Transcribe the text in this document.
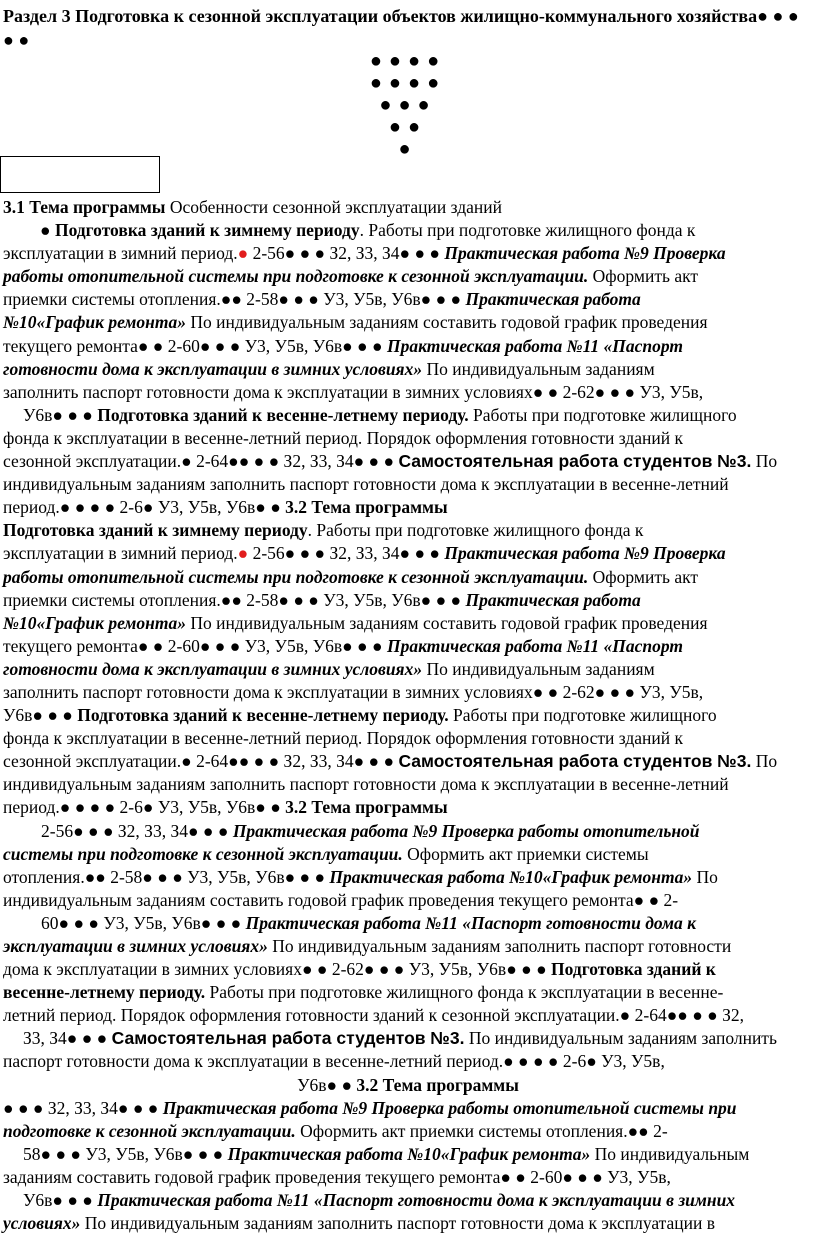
Раздел 3 Подготовка к сезонной эксплуатации объектов жилищно-коммунального хозяйства● ● ● ● ●
● ● ● ●
● ● ● ●
● ● ●
● ●
●

3.1 Тема программы Особенности сезонной эксплуатации зданий

● Подготовка зданий к зимнему периоду. Работы при подготовке жилищного фонда к

эксплуатации в зимний период.● 2-56● ● ● З2, З3, З4● ● ● Практическая работа №9 Проверка

работы отопительной системы при подготовке к сезонной эксплуатации. Оформить акт

приемки системы отопления.●● 2-58● ● ● У3, У5в, У6в● ● ● Практическая работа

№10«График ремонта» По индивидуальным заданиям составить годовой график проведения

текущего ремонта● ● 2-60● ● ● У3, У5в, У6в● ● ● Практическая работа №11 «Паспорт

готовности дома к эксплуатации в зимних условиях» По индивидуальным заданиям

заполнить паспорт готовности дома к эксплуатации в зимних условиях● ● 2-62● ● ● У3, У5в,

У6в● ● ● Подготовка зданий к весенне-летнему периоду. Работы при подготовке жилищного

фонда к эксплуатации в весенне-летний период. Порядок оформления готовности зданий к

сезонной эксплуатации.● 2-64●● ● ● З2, З3, З4● ● ● Самостоятельная работа студентов №3. По

индивидуальным заданиям заполнить паспорт готовности дома к эксплуатации в весенне-летний

период.● ● ● ● 2-6● У3, У5в, У6в● ● 3.2 Тема программы

Подготовка зданий к зимнему периоду. Работы при подготовке жилищного фонда к

эксплуатации в зимний период.● 2-56● ● ● З2, З3, З4● ● ● Практическая работа №9 Проверка

работы отопительной системы при подготовке к сезонной эксплуатации. Оформить акт

приемки системы отопления.●● 2-58● ● ● У3, У5в, У6в● ● ● Практическая работа

№10«График ремонта» По индивидуальным заданиям составить годовой график проведения

текущего ремонта● ● 2-60● ● ● У3, У5в, У6в● ● ● Практическая работа №11 «Паспорт

готовности дома к эксплуатации в зимних условиях» По индивидуальным заданиям

заполнить паспорт готовности дома к эксплуатации в зимних условиях● ● 2-62● ● ● У3, У5в,

У6в● ● ● Подготовка зданий к весенне-летнему периоду. Работы при подготовке жилищного

фонда к эксплуатации в весенне-летний период. Порядок оформления готовности зданий к

сезонной эксплуатации.● 2-64●● ● ● З2, З3, З4● ● ● Самостоятельная работа студентов №3. По

индивидуальным заданиям заполнить паспорт готовности дома к эксплуатации в весенне-летний

период.● ● ● ● 2-6● У3, У5в, У6в● ● 3.2 Тема программы

2-56● ● ● З2, З3, З4● ● ● Практическая работа №9 Проверка работы отопительной

системы при подготовке к сезонной эксплуатации. Оформить акт приемки системы

отопления.●● 2-58● ● ● У3, У5в, У6в● ● ● Практическая работа №10«График ремонта» По

индивидуальным заданиям составить годовой график проведения текущего ремонта● ● 2-

60● ● ● У3, У5в, У6в● ● ● Практическая работа №11 «Паспорт готовности дома к

эксплуатации в зимних условиях» По индивидуальным заданиям заполнить паспорт готовности

дома к эксплуатации в зимних условиях● ● 2-62● ● ● У3, У5в, У6в● ● ● Подготовка зданий к

весенне-летнему периоду. Работы при подготовке жилищного фонда к эксплуатации в весенне-

летний период. Порядок оформления готовности зданий к сезонной эксплуатации.● 2-64●● ● ● З2,

З3, З4● ● ● Самостоятельная работа студентов №3. По индивидуальным заданиям заполнить

паспорт готовности дома к эксплуатации в весенне-летний период.● ● ● ● 2-6● У3, У5в,

У6в● ● 3.2 Тема программы

● ● ● З2, З3, З4● ● ● Практическая работа №9 Проверка работы отопительной системы при

подготовке к сезонной эксплуатации. Оформить акт приемки системы отопления.●● 2-

58● ● ● У3, У5в, У6в● ● ● Практическая работа №10«График ремонта» По индивидуальным

заданиям составить годовой график проведения текущего ремонта● ● 2-60● ● ● У3, У5в,

У6в● ● ● Практическая работа №11 «Паспорт готовности дома к эксплуатации в зимних

условиях» По индивидуальным заданиям заполнить паспорт готовности дома к эксплуатации в
